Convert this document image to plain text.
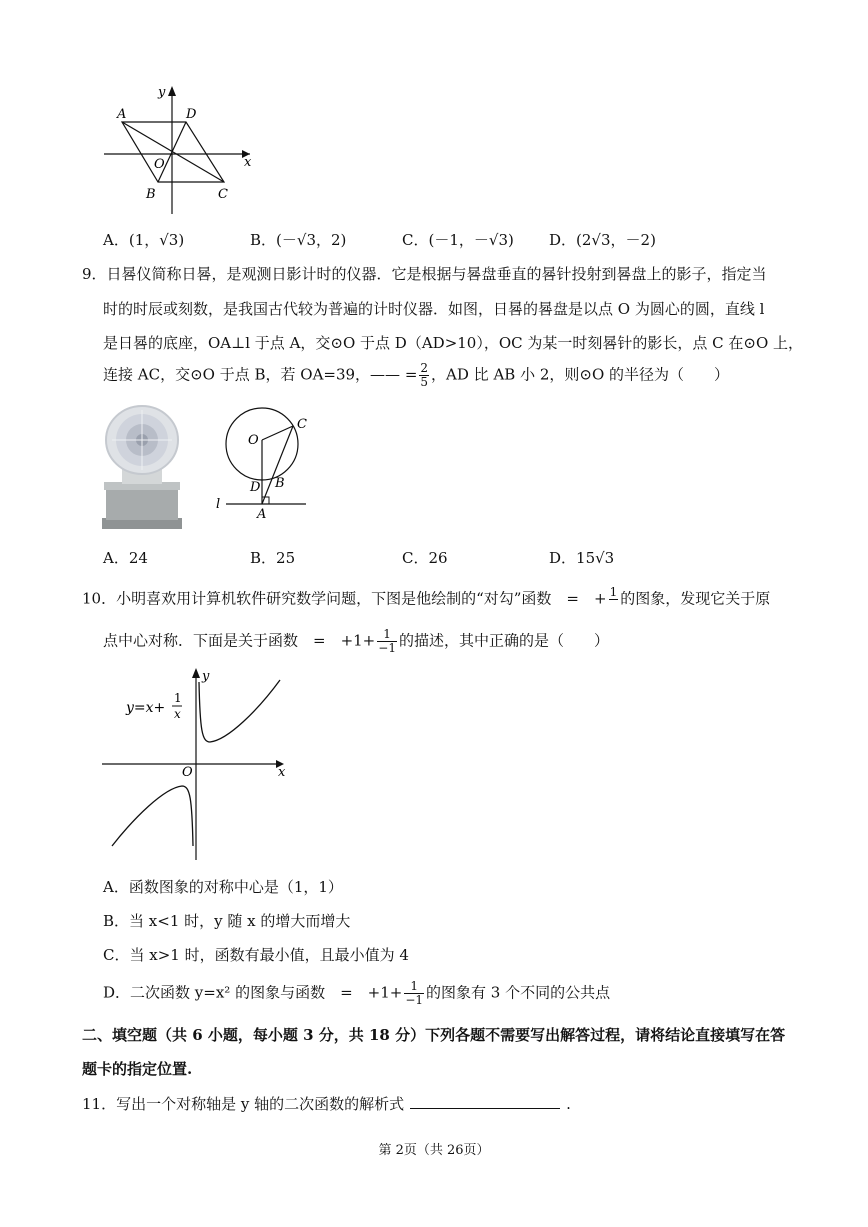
y
x
A	D
O
B	C
A．(1，√3)	B．(－√3，2)	C．(－1，－√3) D．(2√3，－2)
9．日晷仪简称日晷，是观测日影计时的仪器．它是根据与晷盘垂直的晷针投射到晷盘上的影子，指定当
时的时辰或刻数，是我国古代较为普遍的计时仪器．如图，日晷的晷盘是以点 O 为圆心的圆，直线 l
是日晷的底座，OA⊥l 于点 A，交⊙O 于点 D（AD>10），OC 为某一时刻晷针的影长，点 C 在⊙O 上，
连接 AC，交⊙O 于点 B，若 OA=39，—— = $\frac{2}{5}$ ，AD 比 AB 小 2，则⊙O 的半径为（　　）
O
C
D B
A
l
A．24	B．25	C．26	D．15√3
10．小明喜欢用计算机软件研究数学问题，下图是他绘制的“对勾”函数　=　+ 1
的图象，发现它关于原
点中心对称．下面是关于函数　=　$+1+ \frac{1}{-1}$ 的描述，其中正确的是（　　）
y
x
O
y=x+
1
x
A．函数图象的对称中心是（1，1）
B．当 x<1 时，y 随 x 的增大而增大
C．当 x>1 时，函数有最小值，且最小值为 4
D．二次函数 y=x² 的图象与函数　=　$+1+ \frac{1}{-1}$ 的图象有 3 个不同的公共点
二、填空题（共 6 小题，每小题 3 分，共 18 分）下列各题不需要写出解答过程，请将结论直接填写在答
题卡的指定位置.
11．写出一个对称轴是 y 轴的二次函数的解析式	.
第 2页（共 26页）
